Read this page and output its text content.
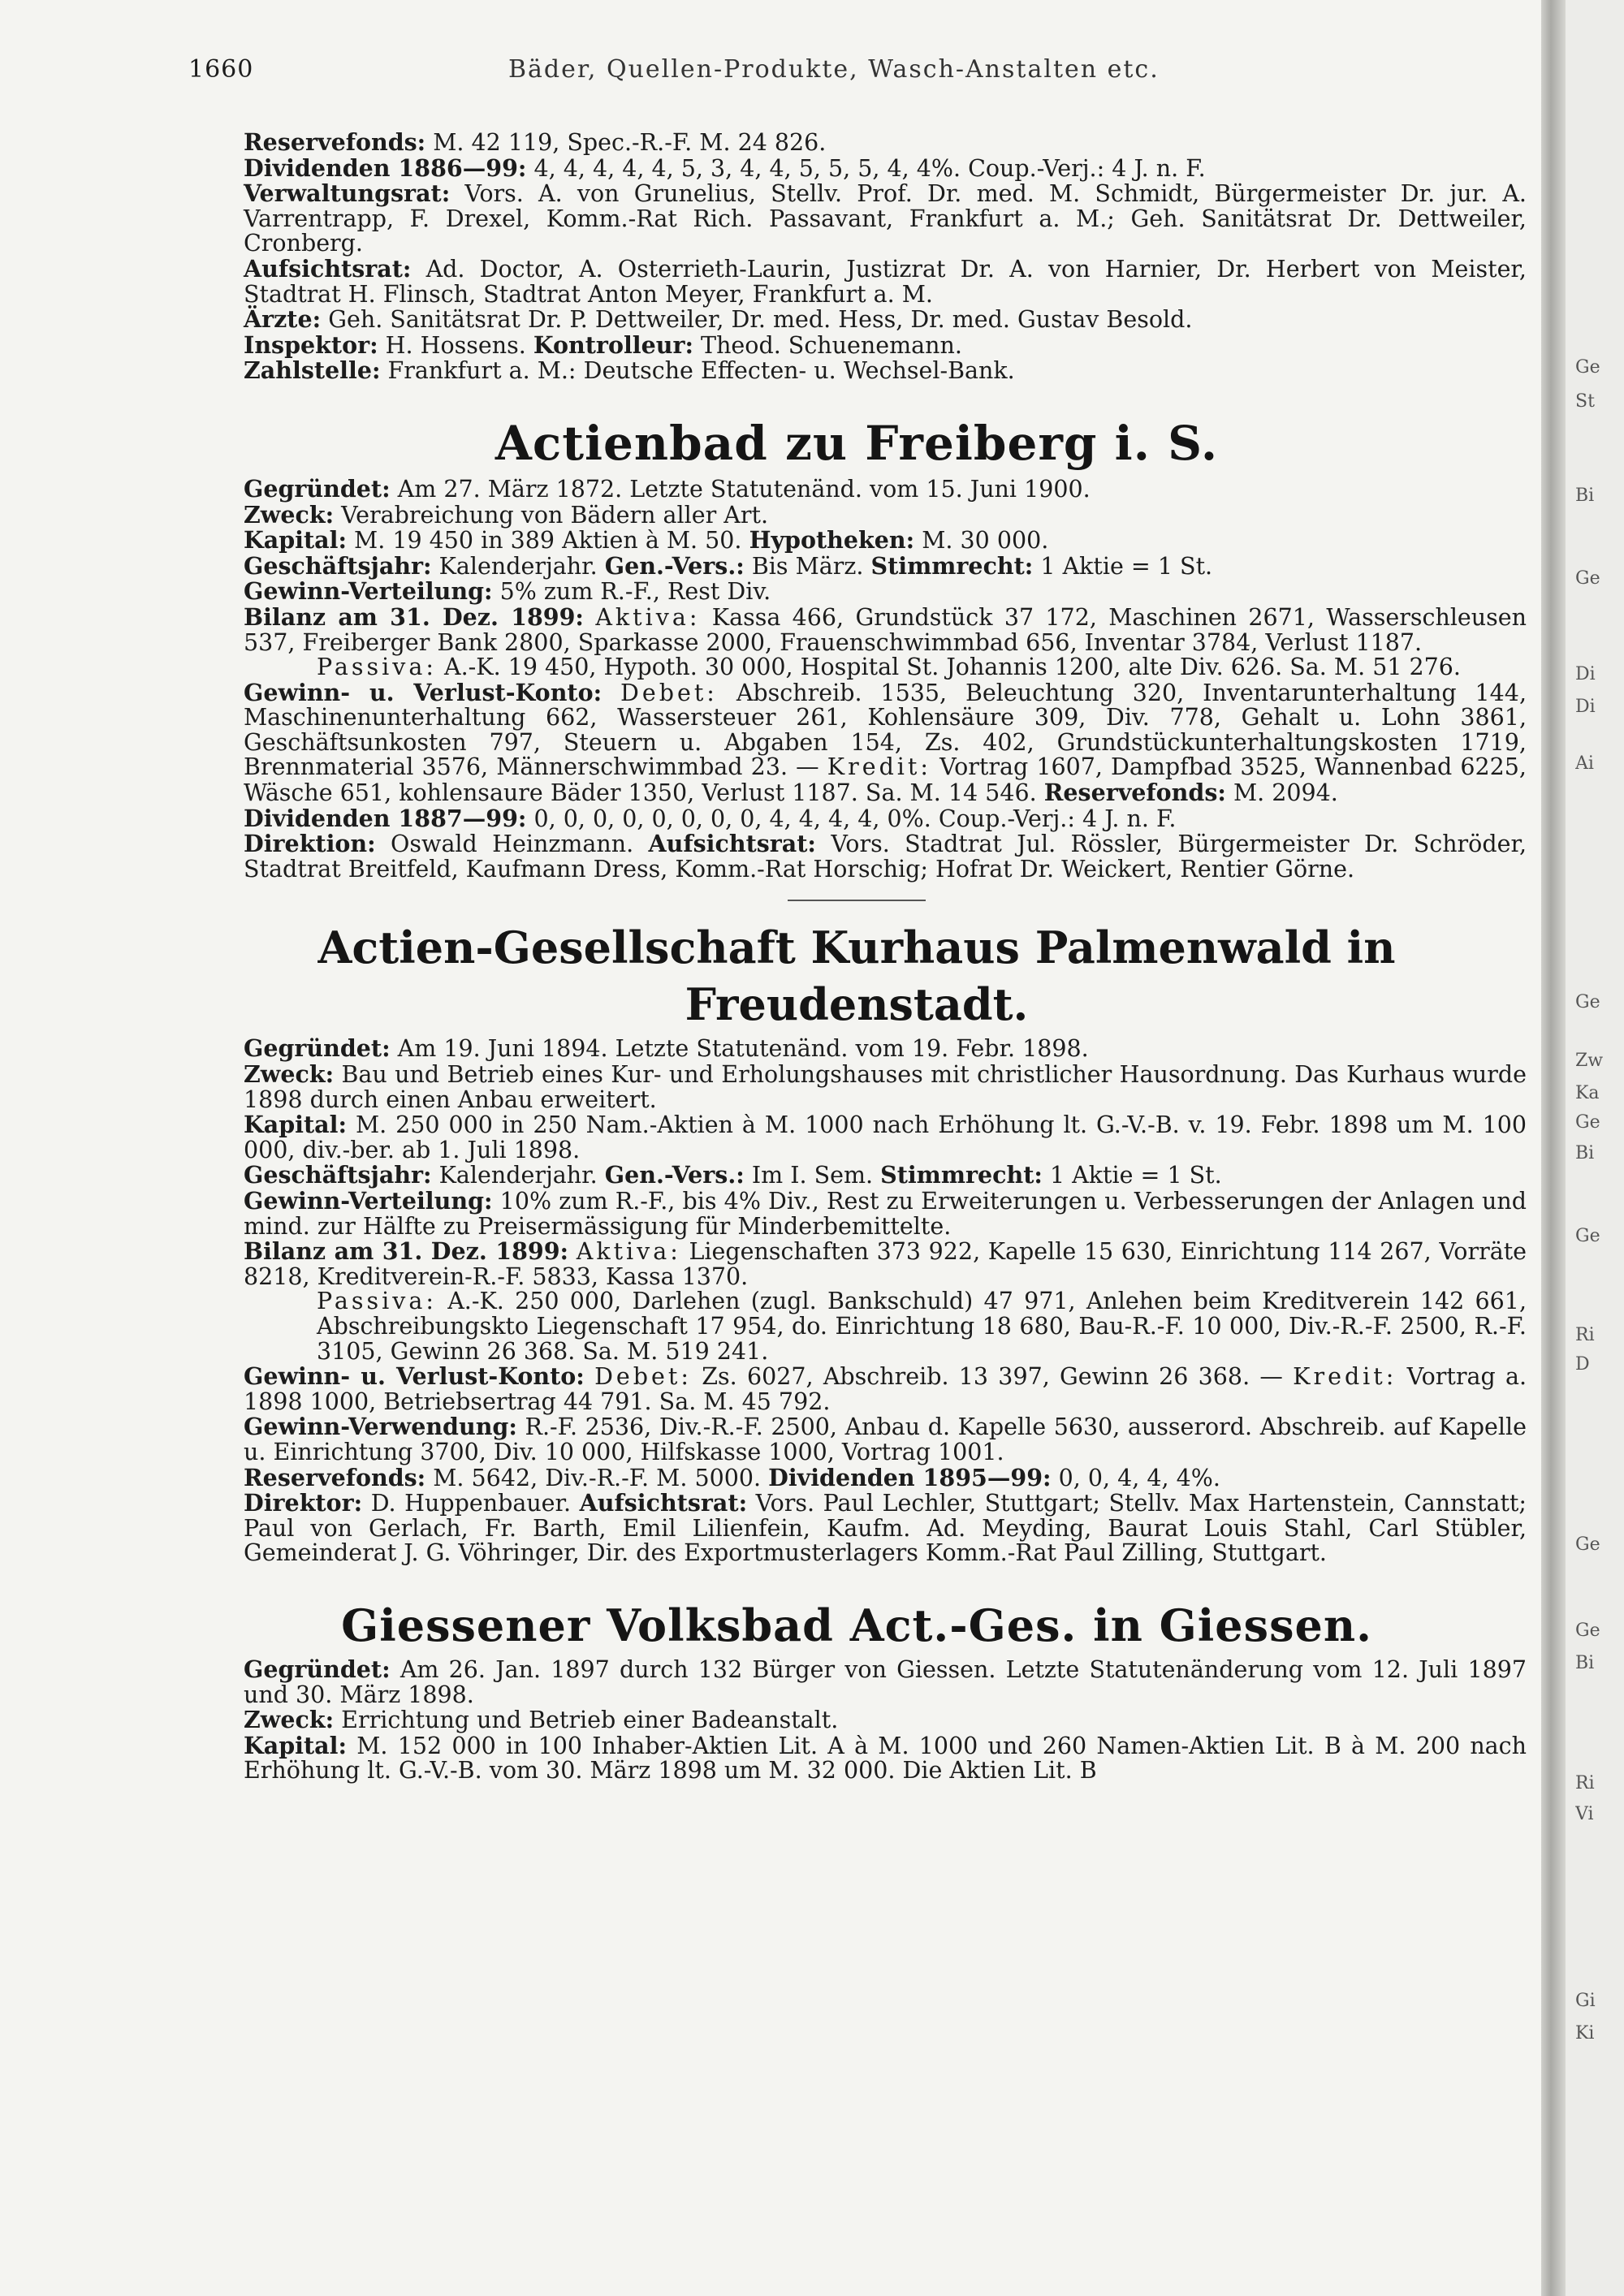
1660	Bäder, Quellen-Produkte, Wasch-Anstalten etc.

Reservefonds: M. 42 119, Spec.-R.-F. M. 24 826.

Dividenden 1886—99: 4, 4, 4, 4, 4, 5, 3, 4, 4, 5, 5, 5, 4, 4%. Coup.-Verj.: 4 J. n. F.

Verwaltungsrat: Vors. A. von Grunelius, Stellv. Prof. Dr. med. M. Schmidt, Bürgermeister Dr. jur. A. Varrentrapp, F. Drexel, Komm.-Rat Rich. Passavant, Frankfurt a. M.; Geh. Sanitätsrat Dr. Dettweiler, Cronberg.

Aufsichtsrat: Ad. Doctor, A. Osterrieth-Laurin, Justizrat Dr. A. von Harnier, Dr. Herbert von Meister, Stadtrat H. Flinsch, Stadtrat Anton Meyer, Frankfurt a. M.

Ärzte: Geh. Sanitätsrat Dr. P. Dettweiler, Dr. med. Hess, Dr. med. Gustav Besold.

Inspektor: H. Hossens. Kontrolleur: Theod. Schuenemann.

Zahlstelle: Frankfurt a. M.: Deutsche Effecten- u. Wechsel-Bank.

Actienbad zu Freiberg i. S.

Gegründet: Am 27. März 1872. Letzte Statutenänd. vom 15. Juni 1900.

Zweck: Verabreichung von Bädern aller Art.

Kapital: M. 19 450 in 389 Aktien à M. 50. Hypotheken: M. 30 000.

Geschäftsjahr: Kalenderjahr. Gen.-Vers.: Bis März. Stimmrecht: 1 Aktie = 1 St.

Gewinn-Verteilung: 5% zum R.-F., Rest Div.

Bilanz am 31. Dez. 1899: Aktiva: Kassa 466, Grundstück 37 172, Maschinen 2671, Wasserschleusen 537, Freiberger Bank 2800, Sparkasse 2000, Frauenschwimmbad 656, Inventar 3784, Verlust 1187.

Passiva: A.-K. 19 450, Hypoth. 30 000, Hospital St. Johannis 1200, alte Div. 626. Sa. M. 51 276.

Gewinn- u. Verlust-Konto: Debet: Abschreib. 1535, Beleuchtung 320, Inventarunterhaltung 144, Maschinenunterhaltung 662, Wassersteuer 261, Kohlensäure 309, Div. 778, Gehalt u. Lohn 3861, Geschäftsunkosten 797, Steuern u. Abgaben 154, Zs. 402, Grundstückunterhaltungskosten 1719, Brennmaterial 3576, Männerschwimmbad 23. — Kredit: Vortrag 1607, Dampfbad 3525, Wannenbad 6225, Wäsche 651, kohlensaure Bäder 1350, Verlust 1187. Sa. M. 14 546. Reservefonds: M. 2094.

Dividenden 1887—99: 0, 0, 0, 0, 0, 0, 0, 0, 4, 4, 4, 4, 0%. Coup.-Verj.: 4 J. n. F.

Direktion: Oswald Heinzmann. Aufsichtsrat: Vors. Stadtrat Jul. Rössler, Bürgermeister Dr. Schröder, Stadtrat Breitfeld, Kaufmann Dress, Komm.-Rat Horschig; Hofrat Dr. Weickert, Rentier Görne.

Actien-Gesellschaft Kurhaus Palmenwald in Freudenstadt.

Gegründet: Am 19. Juni 1894. Letzte Statutenänd. vom 19. Febr. 1898.

Zweck: Bau und Betrieb eines Kur- und Erholungshauses mit christlicher Hausordnung. Das Kurhaus wurde 1898 durch einen Anbau erweitert.

Kapital: M. 250 000 in 250 Nam.-Aktien à M. 1000 nach Erhöhung lt. G.-V.-B. v. 19. Febr. 1898 um M. 100 000, div.-ber. ab 1. Juli 1898.

Geschäftsjahr: Kalenderjahr. Gen.-Vers.: Im I. Sem. Stimmrecht: 1 Aktie = 1 St.

Gewinn-Verteilung: 10% zum R.-F., bis 4% Div., Rest zu Erweiterungen u. Verbesserungen der Anlagen und mind. zur Hälfte zu Preisermässigung für Minderbemittelte.

Bilanz am 31. Dez. 1899: Aktiva: Liegenschaften 373 922, Kapelle 15 630, Einrichtung 114 267, Vorräte 8218, Kreditverein-R.-F. 5833, Kassa 1370.

Passiva: A.-K. 250 000, Darlehen (zugl. Bankschuld) 47 971, Anlehen beim Kreditverein 142 661, Abschreibungskto Liegenschaft 17 954, do. Einrichtung 18 680, Bau-R.-F. 10 000, Div.-R.-F. 2500, R.-F. 3105, Gewinn 26 368. Sa. M. 519 241.

Gewinn- u. Verlust-Konto: Debet: Zs. 6027, Abschreib. 13 397, Gewinn 26 368. — Kredit: Vortrag a. 1898 1000, Betriebsertrag 44 791. Sa. M. 45 792.

Gewinn-Verwendung: R.-F. 2536, Div.-R.-F. 2500, Anbau d. Kapelle 5630, ausserord. Abschreib. auf Kapelle u. Einrichtung 3700, Div. 10 000, Hilfskasse 1000, Vortrag 1001.

Reservefonds: M. 5642, Div.-R.-F. M. 5000. Dividenden 1895—99: 0, 0, 4, 4, 4%.

Direktor: D. Huppenbauer. Aufsichtsrat: Vors. Paul Lechler, Stuttgart; Stellv. Max Hartenstein, Cannstatt; Paul von Gerlach, Fr. Barth, Emil Lilienfein, Kaufm. Ad. Meyding, Baurat Louis Stahl, Carl Stübler, Gemeinderat J. G. Vöhringer, Dir. des Exportmusterlagers Komm.-Rat Paul Zilling, Stuttgart.

Giessener Volksbad Act.-Ges. in Giessen.

Gegründet: Am 26. Jan. 1897 durch 132 Bürger von Giessen. Letzte Statutenänderung vom 12. Juli 1897 und 30. März 1898.

Zweck: Errichtung und Betrieb einer Badeanstalt.

Kapital: M. 152 000 in 100 Inhaber-Aktien Lit. A à M. 1000 und 260 Namen-Aktien Lit. B à M. 200 nach Erhöhung lt. G.-V.-B. vom 30. März 1898 um M. 32 000. Die Aktien Lit. B

Ge
St
Bi
Ge
Di
Di
Ai
Ge
Zw
Ka
Ge
Bi
Ge
Ri
D
Ge
Ge
Bi
Ri
Vi
Gi
Ki
